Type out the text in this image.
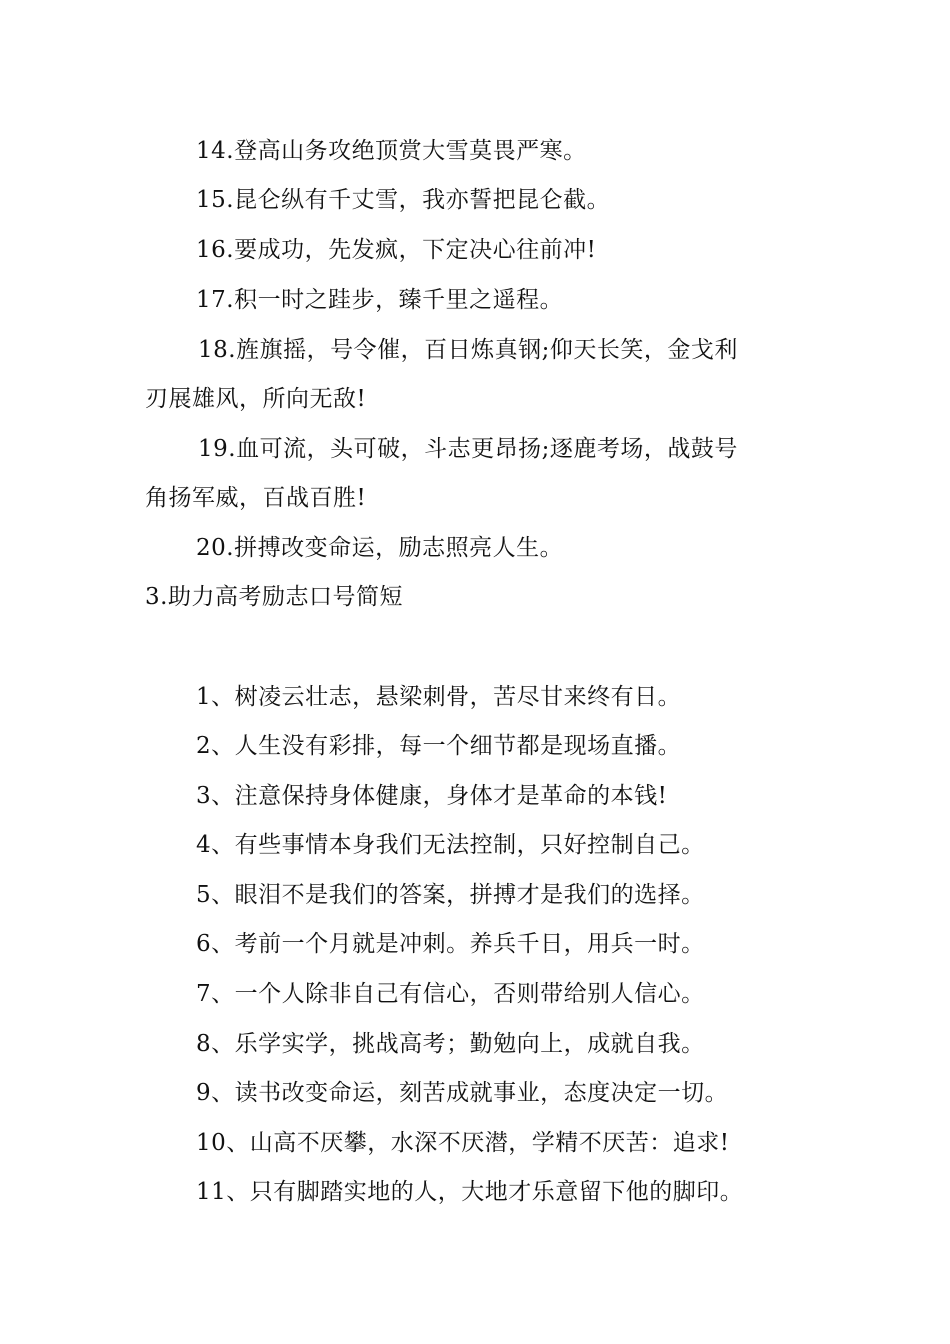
14.登高山务攻绝顶赏大雪莫畏严寒。
15.昆仑纵有千丈雪，我亦誓把昆仑截。
16.要成功，先发疯，下定决心往前冲!
17.积一时之跬步，臻千里之遥程。
18.旌旗摇，号令催，百日炼真钢;仰天长笑，金戈利
刃展雄风，所向无敌!
19.血可流，头可破，斗志更昂扬;逐鹿考场，战鼓号
角扬军威，百战百胜!
20.拼搏改变命运，励志照亮人生。
3.助力高考励志口号简短
1、树凌云壮志，悬梁刺骨，苦尽甘来终有日。
2、人生没有彩排，每一个细节都是现场直播。
3、注意保持身体健康，身体才是革命的本钱!
4、有些事情本身我们无法控制，只好控制自己。
5、眼泪不是我们的答案，拼搏才是我们的选择。
6、考前一个月就是冲刺。养兵千日，用兵一时。
7、一个人除非自己有信心，否则带给别人信心。
8、乐学实学，挑战高考；勤勉向上，成就自我。
9、读书改变命运，刻苦成就事业，态度决定一切。
10、山高不厌攀，水深不厌潜，学精不厌苦：追求!
11、只有脚踏实地的人，大地才乐意留下他的脚印。
